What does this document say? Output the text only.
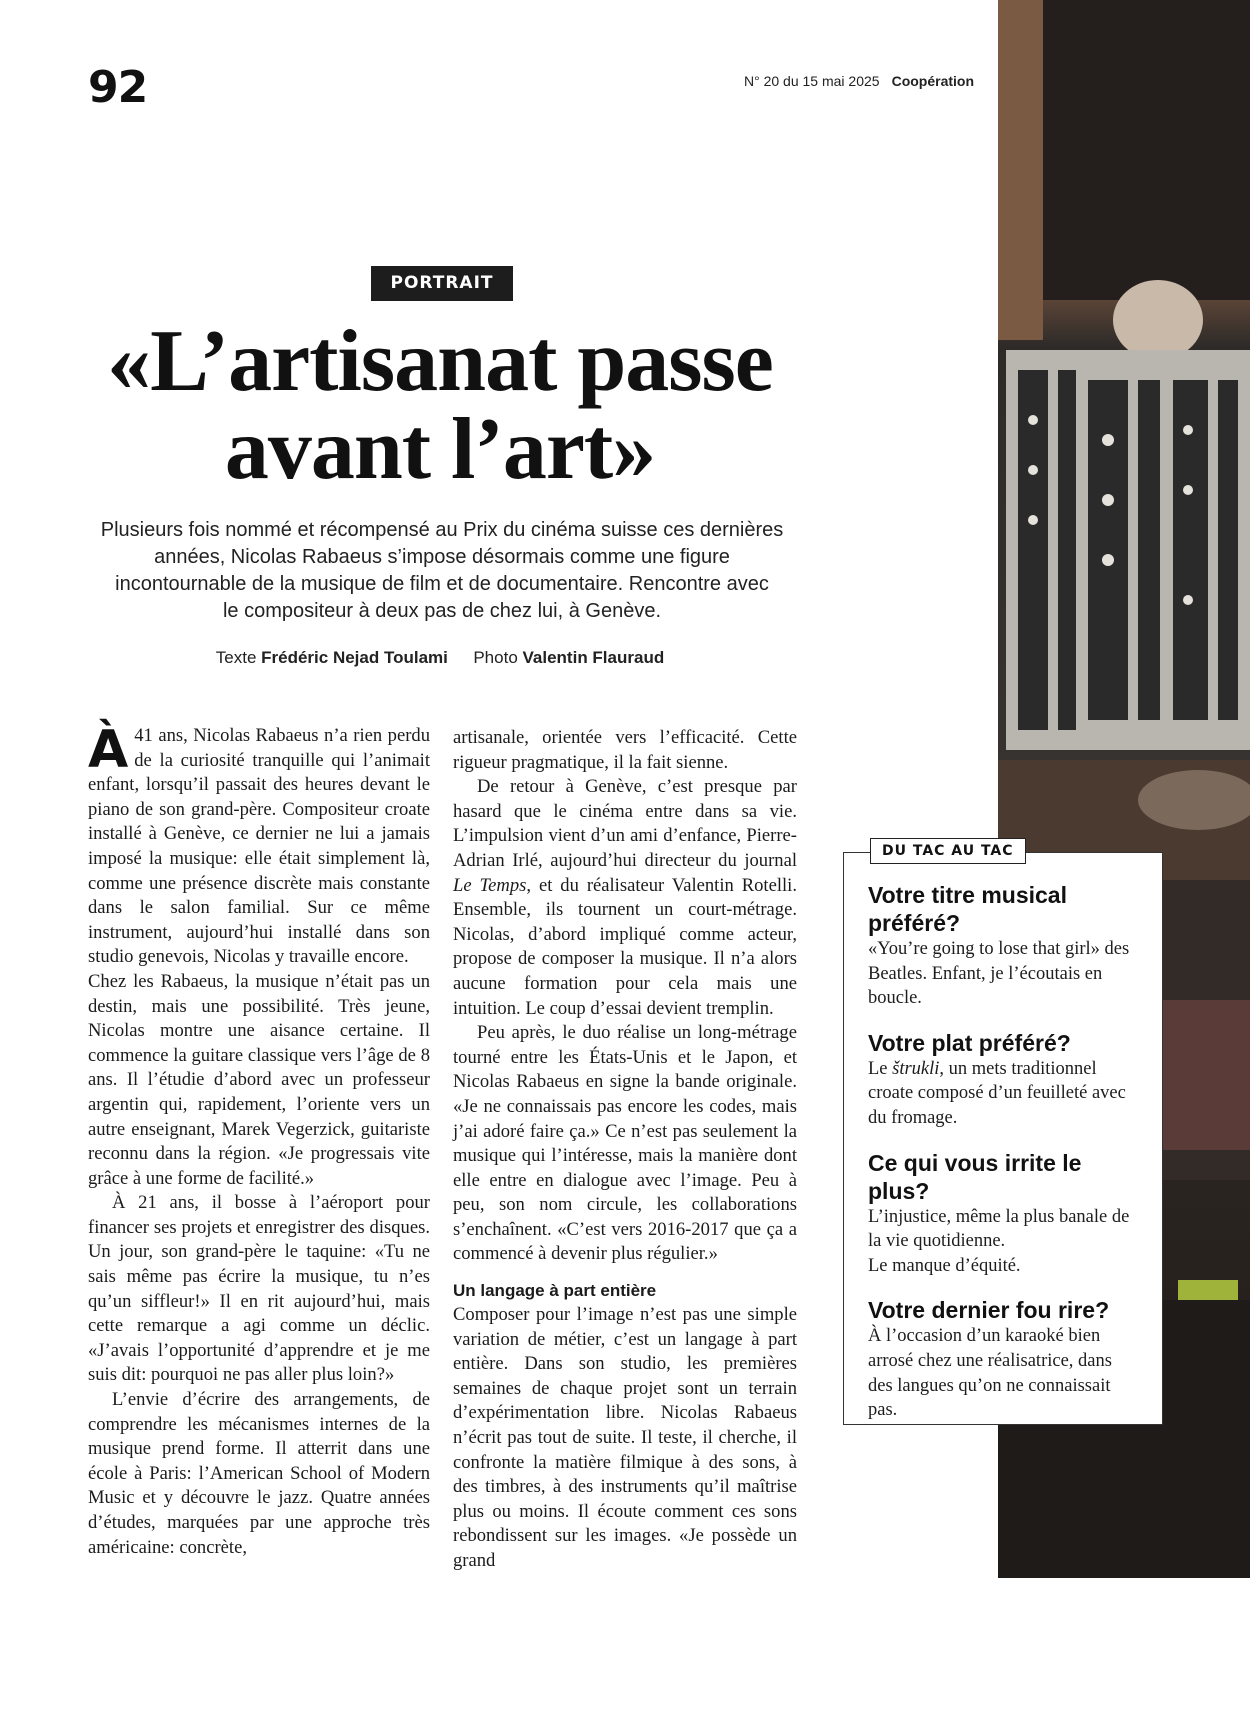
92	N° 20 du 15 mai 2025 Coopération
PORTRAIT
«L’artisanat passe
avant l’art»
Plusieurs fois nommé et récompensé au Prix du cinéma suisse ces dernières
années, Nicolas Rabaeus s’impose désormais comme une figure
incontournable de la musique de film et de documentaire. Rencontre avec
le compositeur à deux pas de chez lui, à Genève.
Texte Frédéric Nejad Toulami Photo Valentin Flauraud

À 41 ans, Nicolas Rabaeus n’a rien perdu de la curiosité tranquille qui l’animait enfant, lorsqu’il passait des heures devant le piano de son grand-père. Compositeur croate installé à Genève, ce dernier ne lui a jamais imposé la musique: elle était simplement là, comme une présence discrète mais constante dans le salon familial. Sur ce même instrument, aujourd’hui installé dans son studio genevois, Nicolas y travaille encore.

Chez les Rabaeus, la musique n’était pas un destin, mais une possibilité. Très jeune, Nicolas montre une aisance certaine. Il commence la guitare classique vers l’âge de 8 ans. Il l’étudie d’abord avec un professeur argentin qui, rapidement, l’oriente vers un autre enseignant, Marek Vegerzick, guitariste reconnu dans la région. «Je progressais vite grâce à une forme de facilité.»

À 21 ans, il bosse à l’aéroport pour financer ses projets et enregistrer des disques. Un jour, son grand-père le taquine: «Tu ne sais même pas écrire la musique, tu n’es qu’un siffleur!» Il en rit aujourd’hui, mais cette remarque a agi comme un déclic. «J’avais l’opportunité d’apprendre et je me suis dit: pourquoi ne pas aller plus loin?»

L’envie d’écrire des arrangements, de comprendre les mécanismes internes de la musique prend forme. Il atterrit dans une école à Paris: l’American School of Modern Music et y découvre le jazz. Quatre années d’études, marquées par une approche très américaine: concrète,

artisanale, orientée vers l’efficacité. Cette rigueur pragmatique, il la fait sienne.

De retour à Genève, c’est presque par hasard que le cinéma entre dans sa vie. L’impulsion vient d’un ami d’enfance, Pierre-Adrian Irlé, aujourd’hui directeur du journal Le Temps, et du réalisateur Valentin Rotelli. Ensemble, ils tournent un court-métrage. Nicolas, d’abord impliqué comme acteur, propose de composer la musique. Il n’a alors aucune formation pour cela mais une intuition. Le coup d’essai devient tremplin.

Peu après, le duo réalise un long-métrage tourné entre les États-Unis et le Japon, et Nicolas Rabaeus en signe la bande originale. «Je ne connaissais pas encore les codes, mais j’ai adoré faire ça.» Ce n’est pas seulement la musique qui l’intéresse, mais la manière dont elle entre en dialogue avec l’image. Peu à peu, son nom circule, les collaborations s’enchaînent. «C’est vers 2016-2017 que ça a commencé à devenir plus régulier.»

Un langage à part entière

Composer pour l’image n’est pas une simple variation de métier, c’est un langage à part entière. Dans son studio, les premières semaines de chaque projet sont un terrain d’expérimentation libre. Nicolas Rabaeus n’écrit pas tout de suite. Il teste, il cherche, il confronte la matière filmique à des sons, à des timbres, à des instruments qu’il maîtrise plus ou moins. Il écoute comment ces sons rebondissent sur les images. «Je possède un grand

DU TAC AU TAC
Votre titre musical préféré?
«You’re going to lose that girl» des Beatles. Enfant, je l’écoutais en boucle.
Votre plat préféré?
Le štrukli, un mets traditionnel croate composé d’un feuilleté avec du fromage.
Ce qui vous irrite le plus?
L’injustice, même la plus banale de la vie quotidienne.
Le manque d’équité.
Votre dernier fou rire?
À l’occasion d’un karaoké bien arrosé chez une réalisatrice, dans des langues qu’on ne connaissait pas.
